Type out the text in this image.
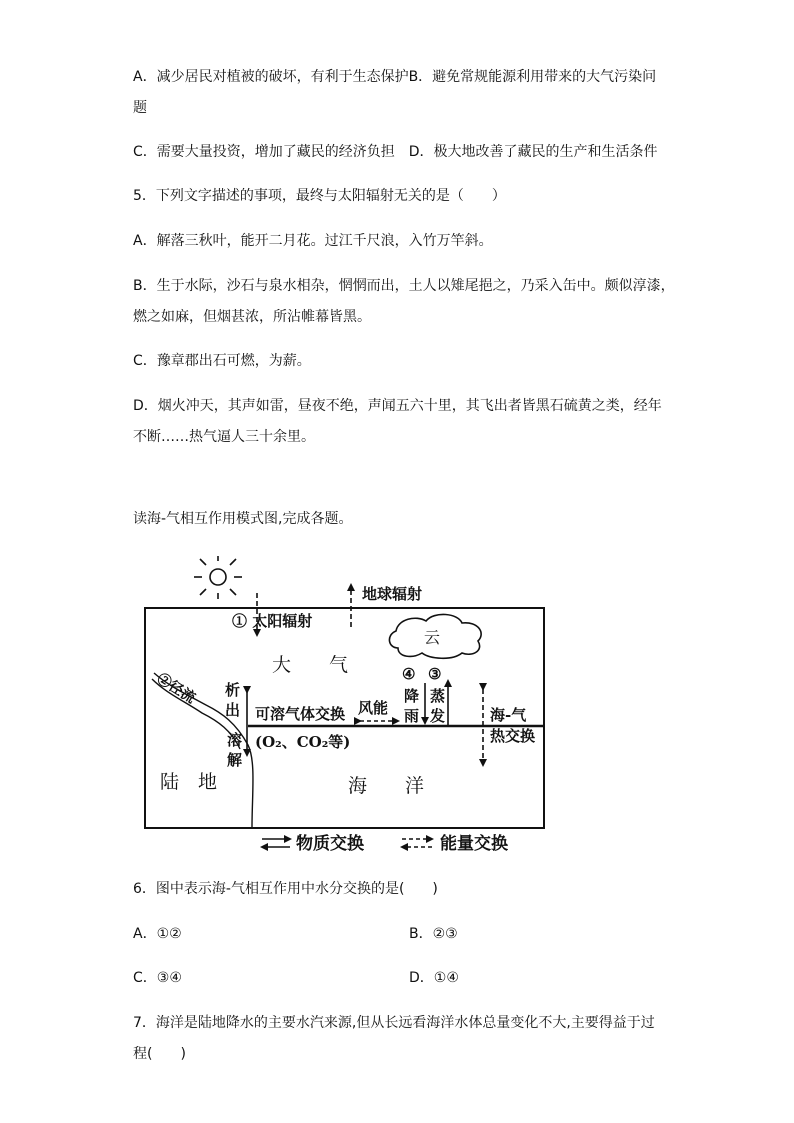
A．减少居民对植被的破坏，有利于生态保护B．避免常规能源利用带来的大气污染问
题
C．需要大量投资，增加了藏民的经济负担　D．极大地改善了藏民的生产和生活条件
5．下列文字描述的事项，最终与太阳辐射无关的是（　　）
A．解落三秋叶，能开二月花。过江千尺浪，入竹万竿斜。
B．生于水际，沙石与泉水相杂，惘惘而出，土人以雉尾挹之，乃采入缶中。颇似淳漆，
燃之如麻，但烟甚浓，所沾帷幕皆黑。
C．豫章郡出石可燃，为薪。
D．烟火冲天，其声如雷，昼夜不绝，声闻五六十里，其飞出者皆黑石硫黄之类，经年
不断……热气逼人三十余里。
读海-气相互作用模式图,完成各题。
地球辐射
① 太阳辐射
云
大　　气
②径流 析
出
溶
解
可溶气体交换
(O₂、CO₂等)
风能
④
降
雨
③
蒸
发	海-气
热交换
陆　地	海　　洋
物质交换	能量交换
6．图中表示海-气相互作用中水分交换的是(　　)
A．①②	B．②③
C．③④	D．①④
7．海洋是陆地降水的主要水汽来源,但从长远看海洋水体总量变化不大,主要得益于过
程(　　)
